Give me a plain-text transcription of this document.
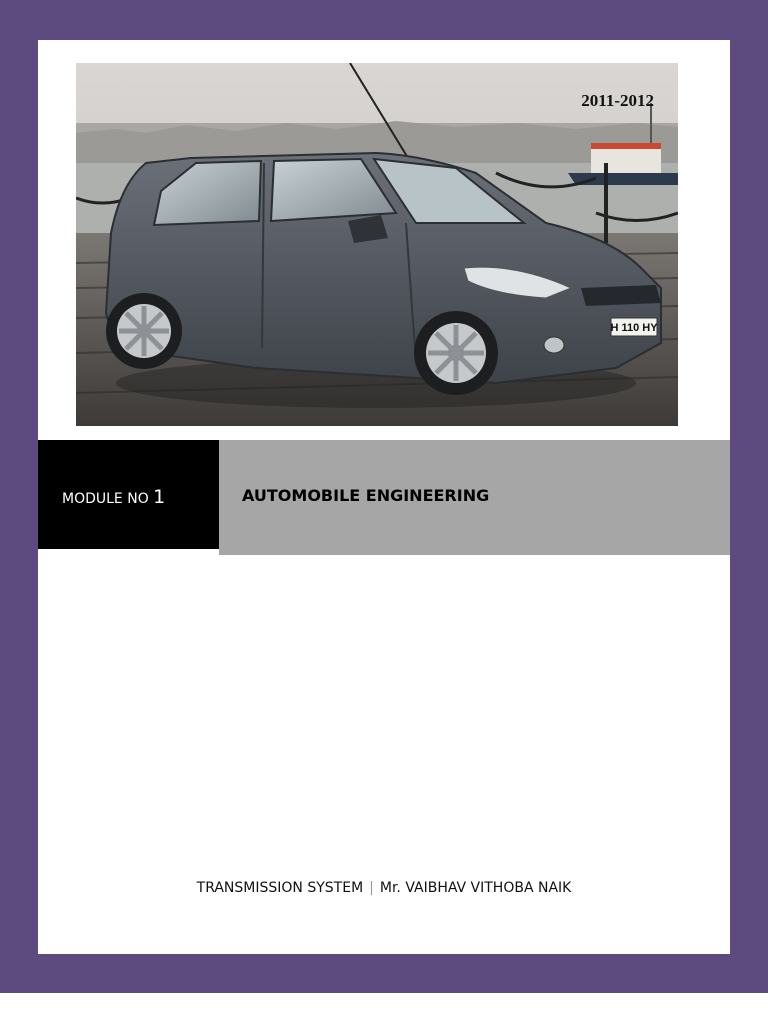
H 110 HY
2011-2012
MODULE NO 1	AUTOMOBILE ENGINEERING
TRANSMISSION SYSTEM | Mr. VAIBHAV VITHOBA NAIK
